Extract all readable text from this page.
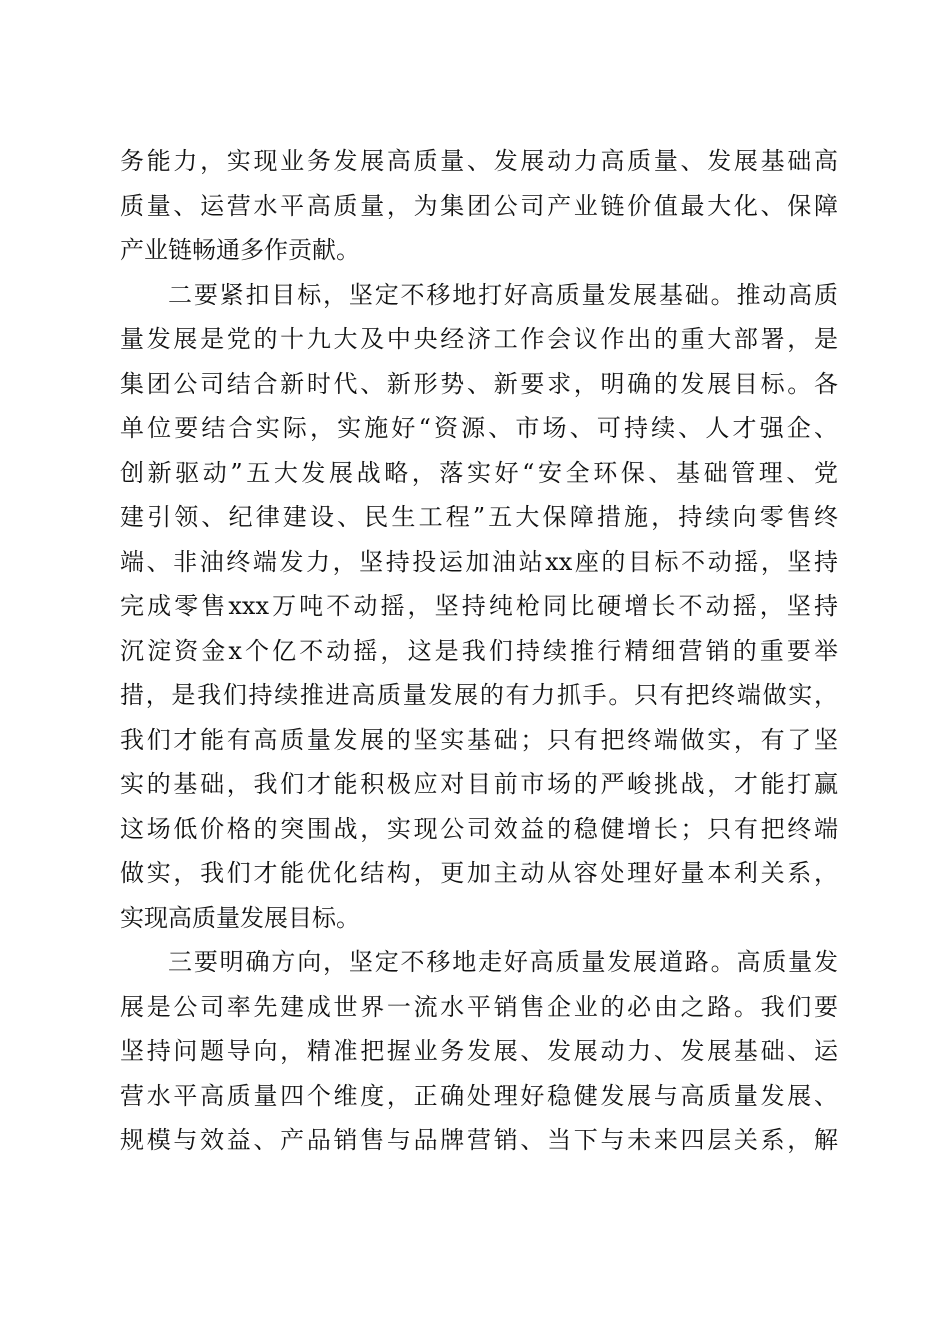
务能力，实现业务发展高质量、发展动力高质量、发展基础高
质量、运营水平高质量，为集团公司产业链价值最大化、保障
产业链畅通多作贡献。

二要紧扣目标，坚定不移地打好高质量发展基础。推动高质
量发展是党的十九大及中央经济工作会议作出的重大部署，是
集团公司结合新时代、新形势、新要求，明确的发展目标。各
单位要结合实际，实施好“资源、市场、可持续、人才强企、
创新驱动”五大发展战略，落实好“安全环保、基础管理、党
建引领、纪律建设、民生工程”五大保障措施，持续向零售终
端、非油终端发力，坚持投运加油站xx座的目标不动摇，坚持
完成零售xxx万吨不动摇，坚持纯枪同比硬增长不动摇，坚持
沉淀资金x个亿不动摇，这是我们持续推行精细营销的重要举
措，是我们持续推进高质量发展的有力抓手。只有把终端做实，
我们才能有高质量发展的坚实基础；只有把终端做实，有了坚
实的基础，我们才能积极应对目前市场的严峻挑战，才能打赢
这场低价格的突围战，实现公司效益的稳健增长；只有把终端
做实，我们才能优化结构，更加主动从容处理好量本利关系，
实现高质量发展目标。

三要明确方向，坚定不移地走好高质量发展道路。高质量发
展是公司率先建成世界一流水平销售企业的必由之路。我们要
坚持问题导向，精准把握业务发展、发展动力、发展基础、运
营水平高质量四个维度，正确处理好稳健发展与高质量发展、
规模与效益、产品销售与品牌营销、当下与未来四层关系，解
